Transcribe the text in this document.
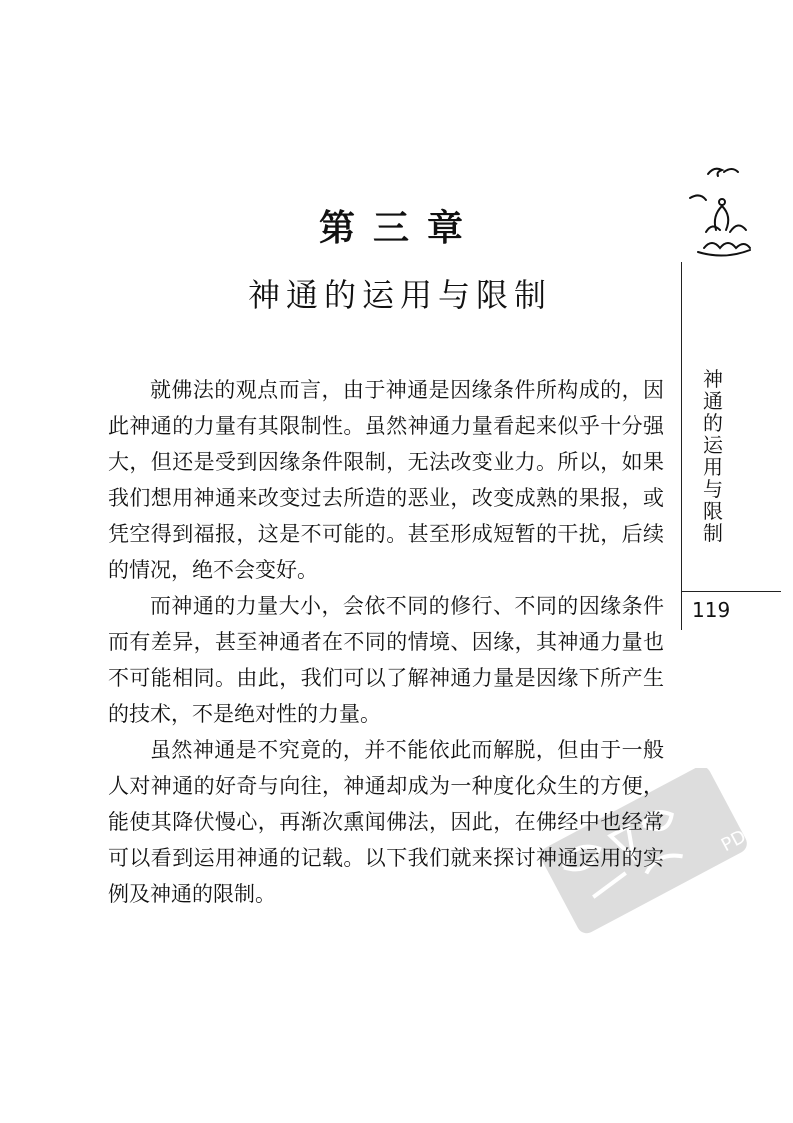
第三章
神通的运用与限制

就佛法的观点而言，由于神通是因缘条件所构成的，因此神通的力量有其限制性。虽然神通力量看起来似乎十分强大，但还是受到因缘条件限制，无法改变业力。所以，如果我们想用神通来改变过去所造的恶业，改变成熟的果报，或凭空得到福报，这是不可能的。甚至形成短暂的干扰，后续的情况，绝不会变好。

而神通的力量大小，会依不同的修行、不同的因缘条件而有差异，甚至神通者在不同的情境、因缘，其神通力量也不可能相同。由此，我们可以了解神通力量是因缘下所产生的技术，不是绝对性的力量。

虽然神通是不究竟的，并不能依此而解脱，但由于一般人对神通的好奇与向往，神通却成为一种度化众生的方便，能使其降伏慢心，再渐次熏闻佛法，因此，在佛经中也经常可以看到运用神通的记载。以下我们就来探讨神通运用的实例及神通的限制。

神
通
的
运
用
与
限
制
119
PDG
